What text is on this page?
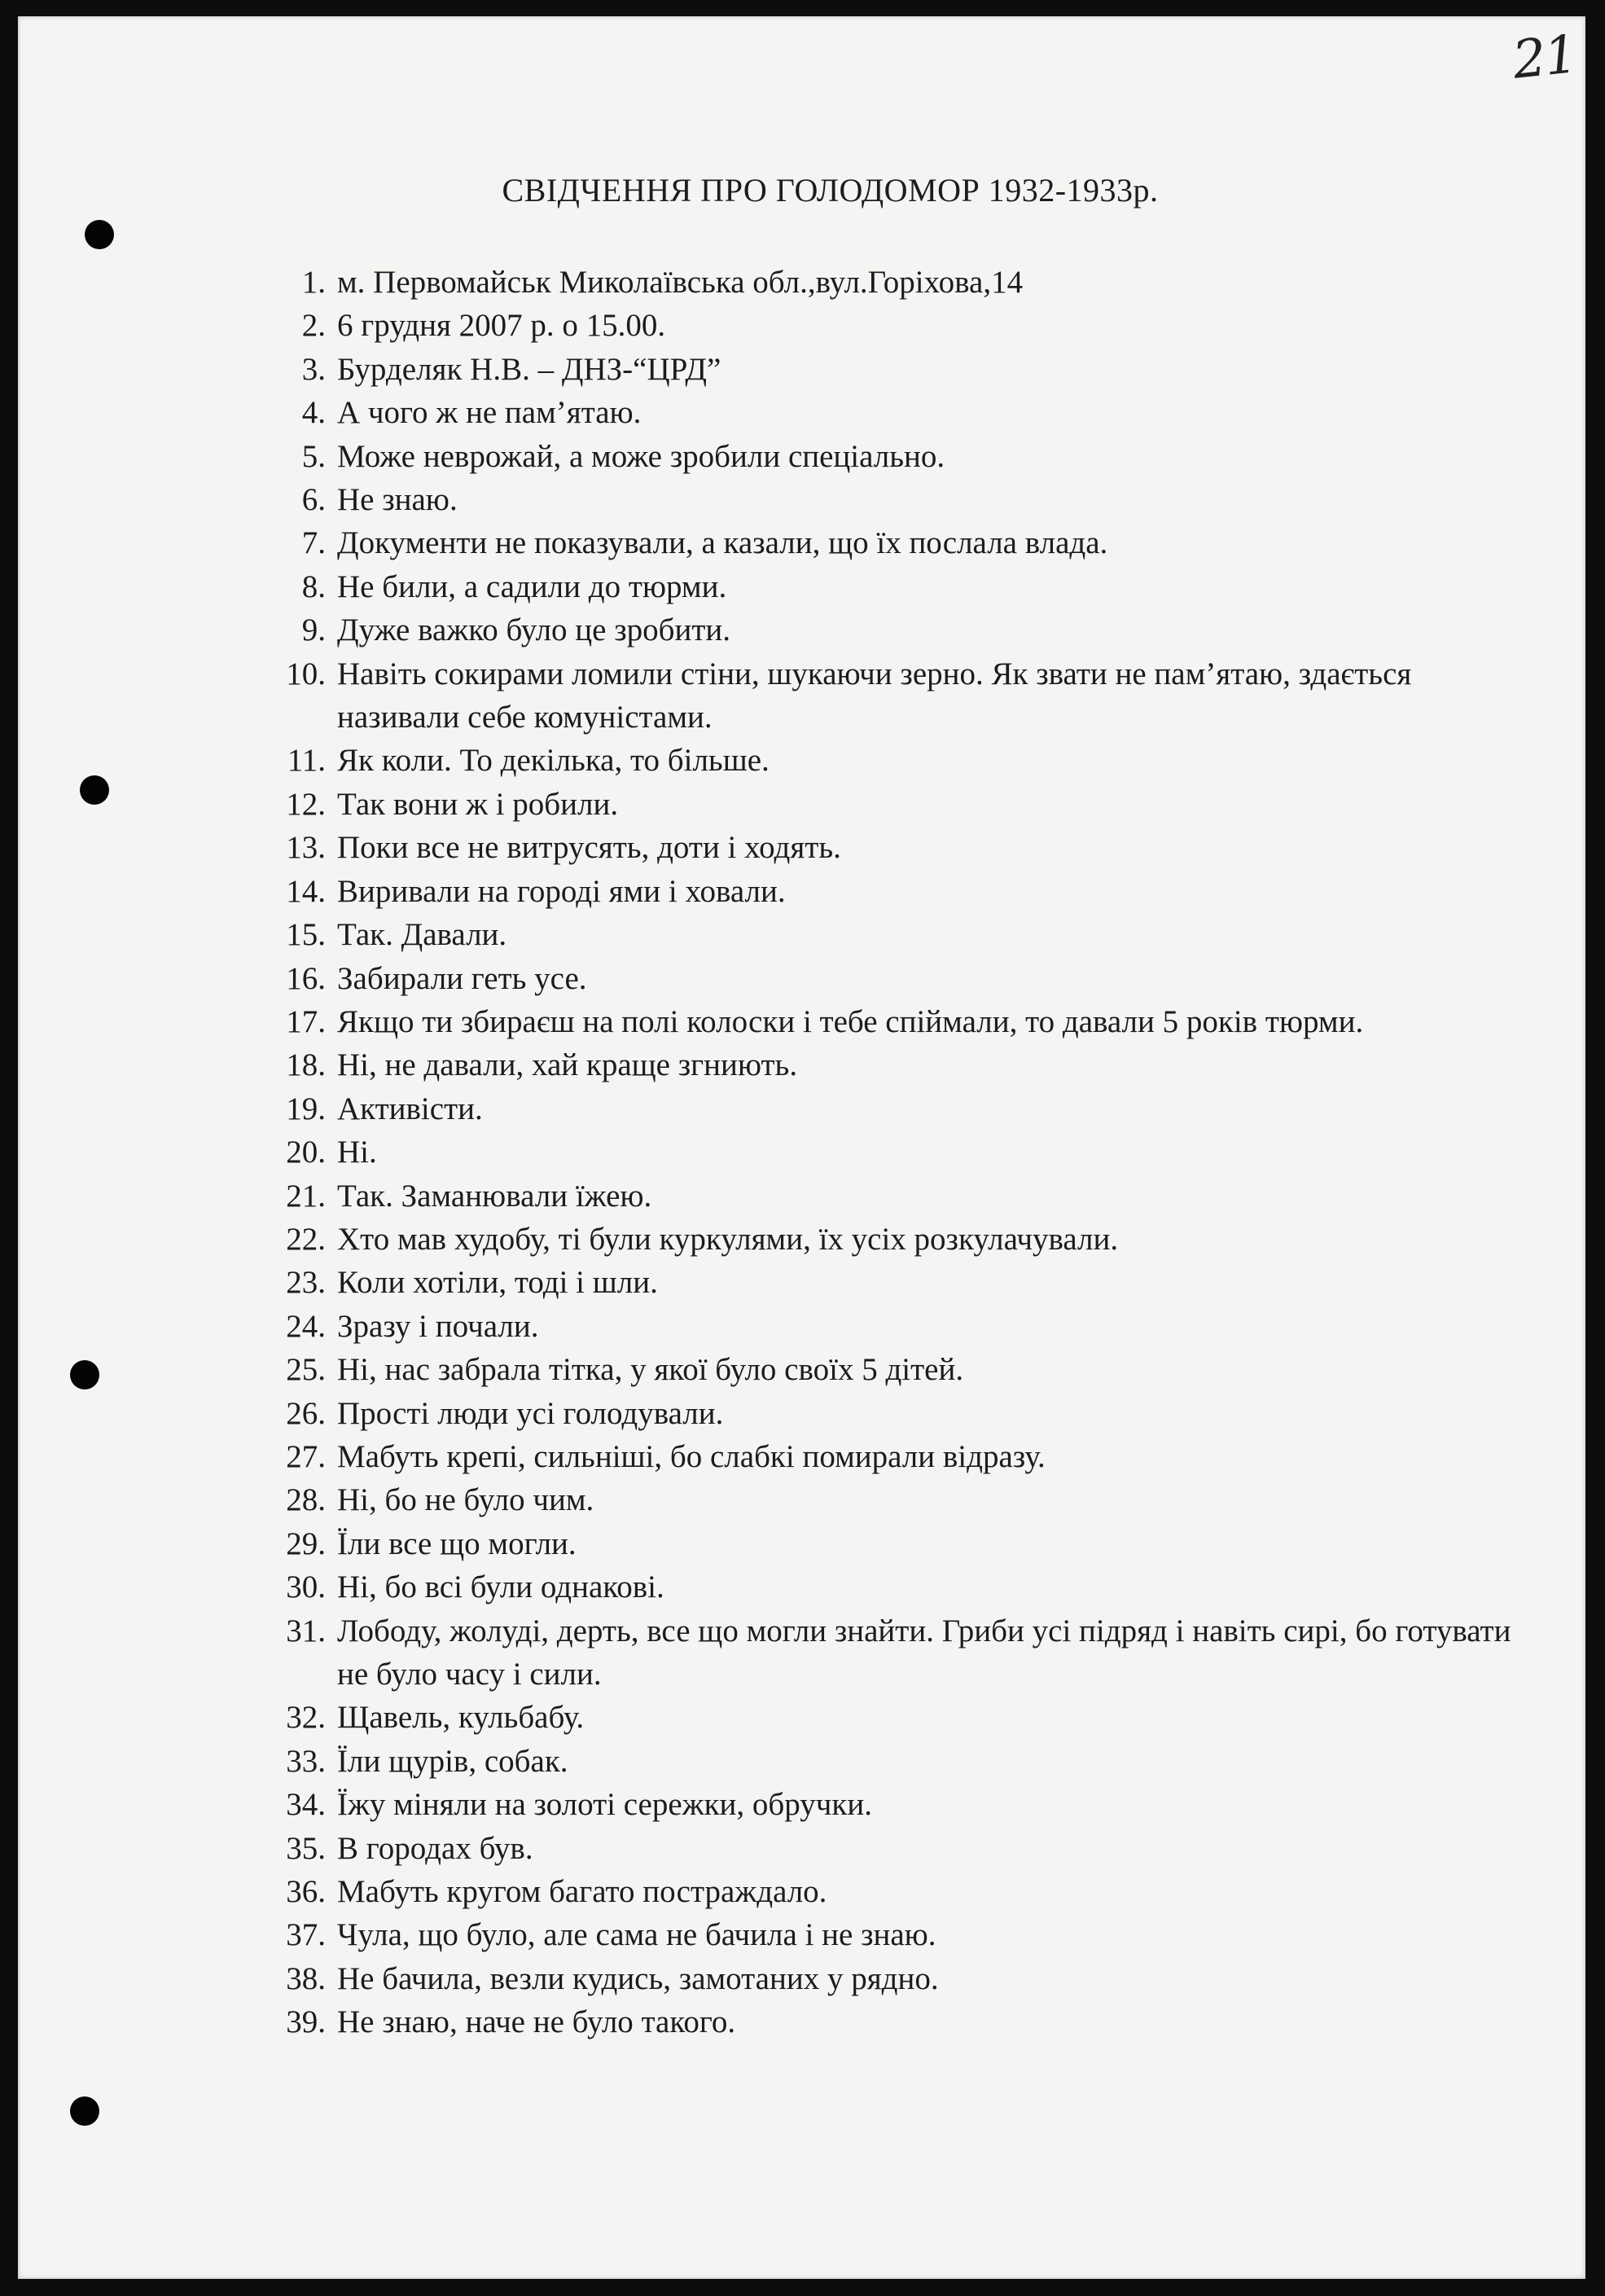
21
СВІДЧЕННЯ ПРО ГОЛОДОМОР 1932-1933р.
1. м. Первомайськ Миколаївська обл.,вул.Горіхова,14
2. 6 грудня 2007 р. о 15.00.
3. Бурделяк Н.В. – ДНЗ-“ЦРД”
4. А чого ж не пам’ятаю.
5. Може неврожай, а може зробили спеціально.
6. Не знаю.
7. Документи не показували, а казали, що їх послала влада.
8. Не били, а садили до тюрми.
9. Дуже важко було це зробити.
10. Навіть сокирами ломили стіни, шукаючи зерно. Як звати не пам’ятаю, здається називали себе комуністами.
11. Як коли. То декілька, то більше.
12. Так вони ж і робили.
13. Поки все не витрусять, доти і ходять.
14. Виривали на городі ями і ховали.
15. Так. Давали.
16. Забирали геть усе.
17. Якщо ти збираєш на полі колоски і тебе спіймали, то давали 5 років тюрми.
18. Ні, не давали, хай краще згниють.
19. Активісти.
20. Ні.
21. Так. Заманювали їжею.
22. Хто мав худобу, ті були куркулями, їх усіх розкулачували.
23. Коли хотіли, тоді і шли.
24. Зразу і почали.
25. Ні, нас забрала тітка, у якої було своїх 5 дітей.
26. Прості люди усі голодували.
27. Мабуть крепі, сильніші, бо слабкі помирали відразу.
28. Ні, бо не було чим.
29. Їли все що могли.
30. Ні, бо всі були однакові.
31. Лободу, жолуді, дерть, все що могли знайти. Гриби усі підряд і навіть сирі, бо готувати не було часу і сили.
32. Щавель, кульбабу.
33. Їли щурів, собак.
34. Їжу міняли на золоті сережки, обручки.
35. В городах був.
36. Мабуть кругом багато постраждало.
37. Чула, що було, але сама не бачила і не знаю.
38. Не бачила, везли кудись, замотаних у рядно.
39. Не знаю, наче не було такого.
